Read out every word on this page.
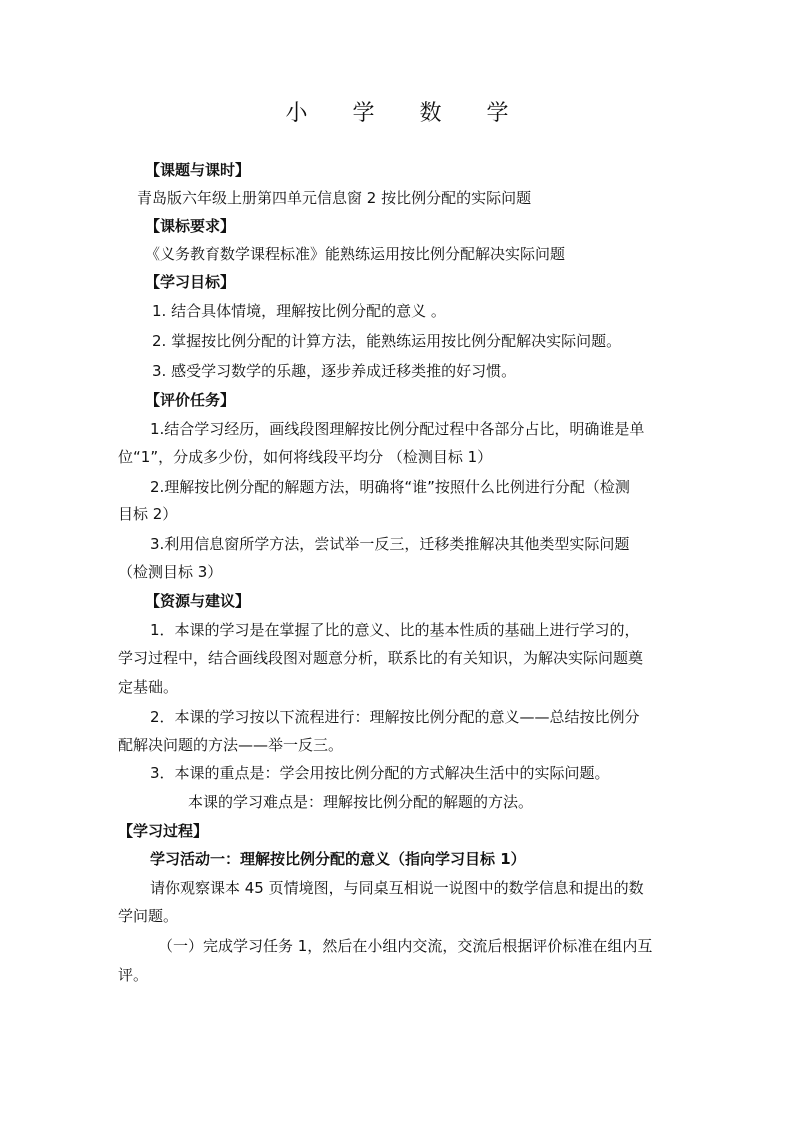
小 学 数 学
【课题与课时】
青岛版六年级上册第四单元信息窗 2 按比例分配的实际问题
【课标要求】
《义务教育数学课程标准》能熟练运用按比例分配解决实际问题
【学习目标】
1. 结合具体情境，理解按比例分配的意义 。
2. 掌握按比例分配的计算方法，能熟练运用按比例分配解决实际问题。
3. 感受学习数学的乐趣，逐步养成迁移类推的好习惯。
【评价任务】
1.结合学习经历，画线段图理解按比例分配过程中各部分占比，明确谁是单
位“1”，分成多少份，如何将线段平均分 （检测目标 1）
2.理解按比例分配的解题方法，明确将“谁”按照什么比例进行分配（检测
目标 2）
3.利用信息窗所学方法，尝试举一反三，迁移类推解决其他类型实际问题
（检测目标 3）
【资源与建议】
1．本课的学习是在掌握了比的意义、比的基本性质的基础上进行学习的，
学习过程中，结合画线段图对题意分析，联系比的有关知识，为解决实际问题奠
定基础。
2．本课的学习按以下流程进行：理解按比例分配的意义——总结按比例分
配解决问题的方法——举一反三。
3．本课的重点是：学会用按比例分配的方式解决生活中的实际问题。
本课的学习难点是：理解按比例分配的解题的方法。
【学习过程】
学习活动一：理解按比例分配的意义（指向学习目标 1）
请你观察课本 45 页情境图，与同桌互相说一说图中的数学信息和提出的数
学问题。
（一）完成学习任务 1，然后在小组内交流，交流后根据评价标准在组内互
评。
